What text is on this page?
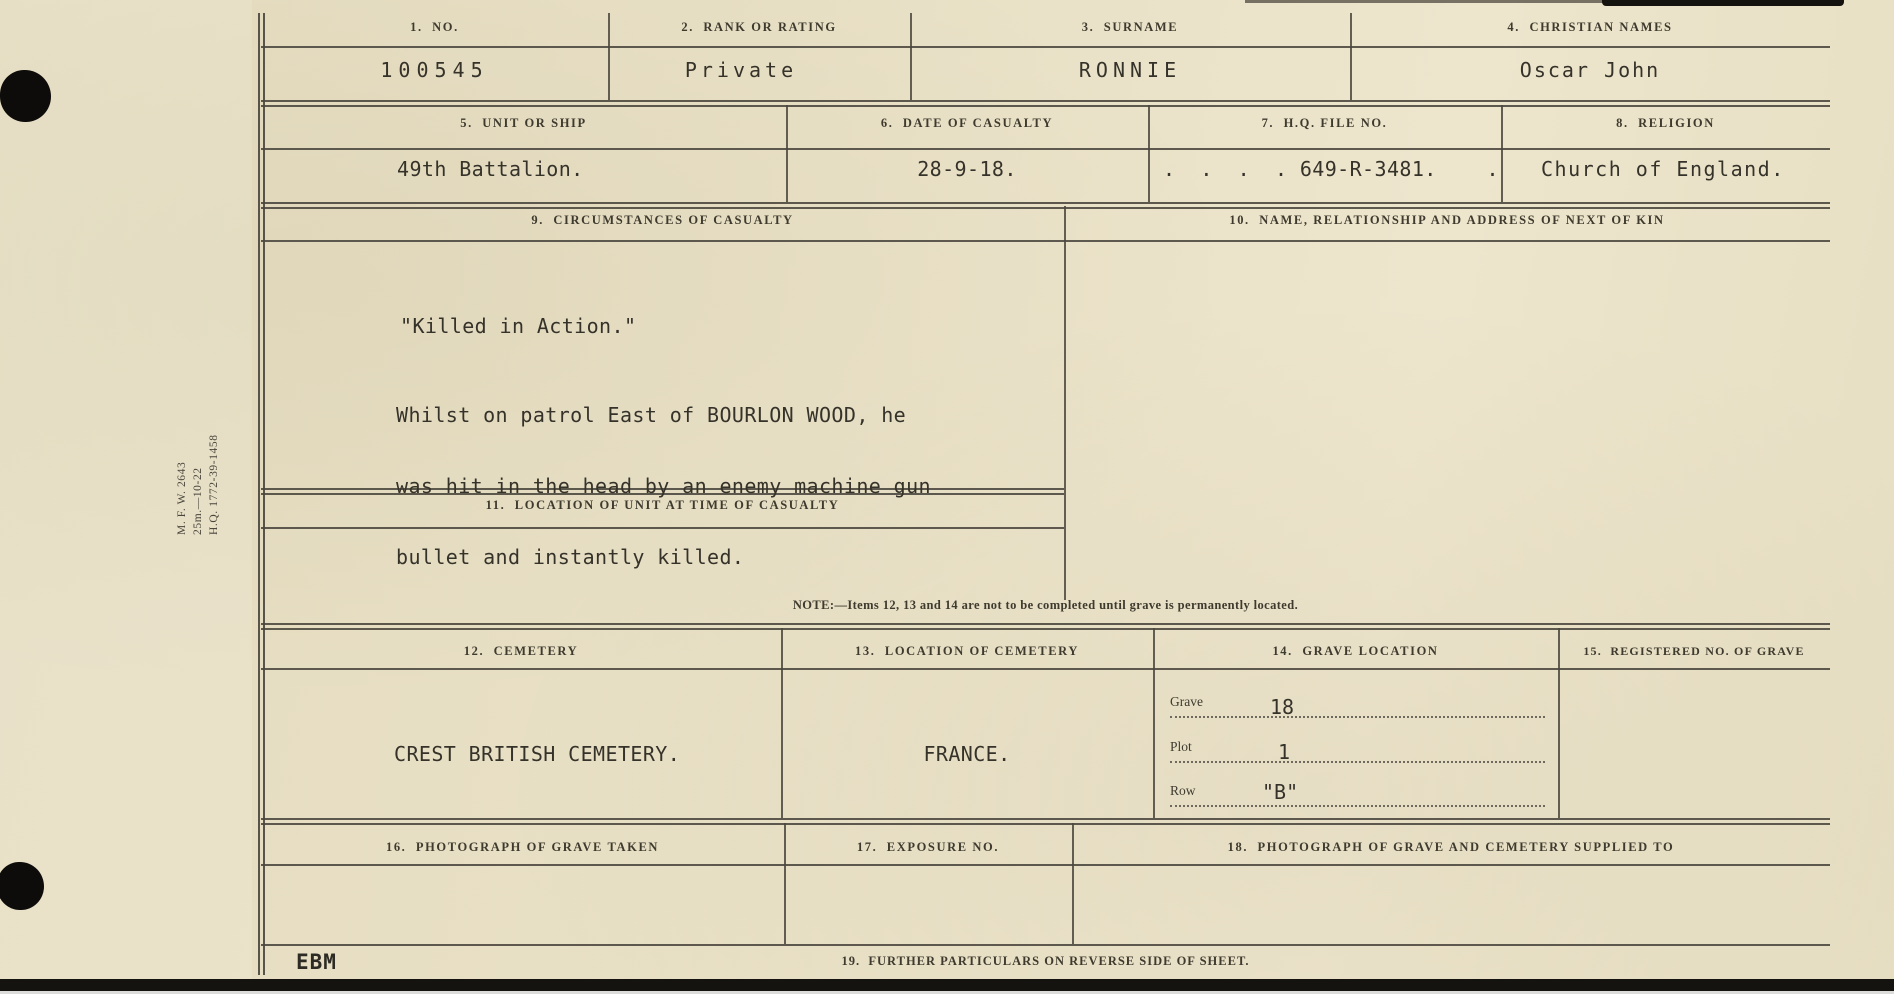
M. F. W. 2643 25m.—10-22 H.Q. 1772-39-1458
1.  NO.	2.  RANK OR RATING	3.  SURNAME	4.  CHRISTIAN NAMES
100545	Private	RONNIE	Oscar John
5.  UNIT OR SHIP	6.  DATE OF CASUALTY	7.  H.Q. FILE NO.	8.  RELIGION
49th Battalion.	28-9-18.	.  .  .  . 649-R-3481.    . Church of England.
9.  CIRCUMSTANCES OF CASUALTY	10.  NAME, RELATIONSHIP AND ADDRESS OF NEXT OF KIN
"Killed in Action."

Whilst on patrol East of BOURLON WOOD, he

was hit in the head by an enemy machine gun

bullet and instantly killed.

11.  LOCATION OF UNIT AT TIME OF CASUALTY
NOTE:—Items 12, 13 and 14 are not to be completed until grave is permanently located.
12.  CEMETERY	13.  LOCATION OF CEMETERY	14.  GRAVE LOCATION	15.  REGISTERED NO. OF GRAVE
CREST BRITISH CEMETERY.	FRANCE.
Grave	18
Plot	1
Row	"B"
16.  PHOTOGRAPH OF GRAVE TAKEN	17.  EXPOSURE NO.	18.  PHOTOGRAPH OF GRAVE AND CEMETERY SUPPLIED TO
EBM	19.  FURTHER PARTICULARS ON REVERSE SIDE OF SHEET.
